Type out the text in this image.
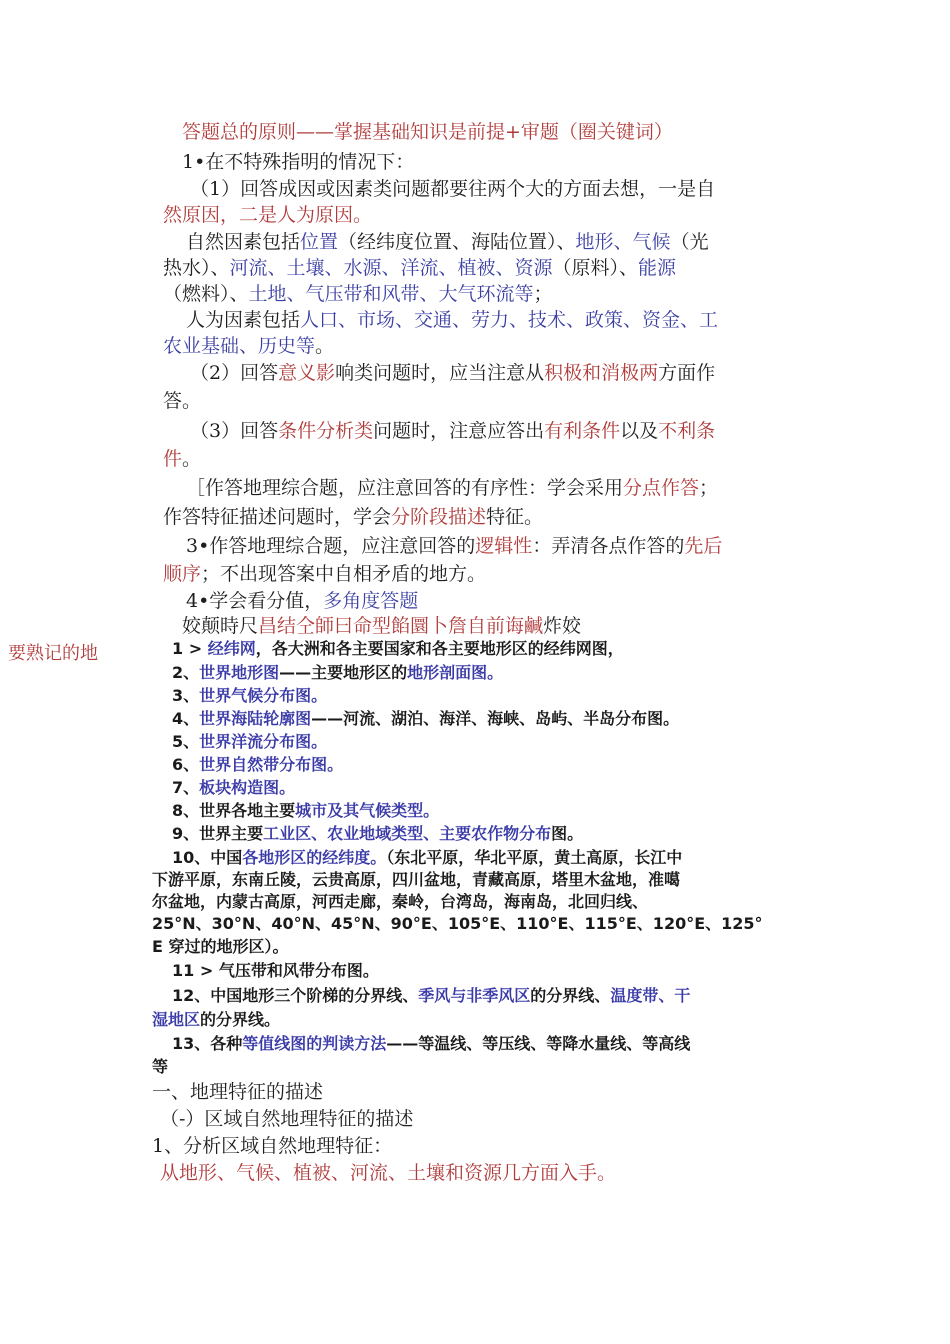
答题总的原则——掌握基础知识是前提+审题（圈关键词）

1•在不特殊指明的情况下：

（1）回答成因或因素类问题都要往两个大的方面去想，一是自

然原因，二是人为原因。

自然因素包括位置（经纬度位置、海陆位置）、地形、气候（光

热水）、河流、土壤、水源、洋流、植被、资源（原料）、能源

（燃料）、土地、气压带和风带、大气环流等；

人为因素包括人口、市场、交通、劳力、技术、政策、资金、工

农业基础、历史等。

（2）回答意义影响类问题时，应当注意从积极和消极两方面作

答。

（3）回答条件分析类问题时，注意应答出有利条件以及不利条

件。

［作答地理综合题，应注意回答的有序性：学会采用分点作答；

作答特征描述问题时，学会分阶段描述特征。

3•作答地理综合题，应注意回答的逻辑性：弄清各点作答的先后

顺序；不出现答案中自相矛盾的地方。

4•学会看分值，多角度答题

姣颠時尺昌结仝師曰命型餡圜卜詹自前诲鹹炸姣

要熟记的地	1 > 经纬网，各大洲和各主要国家和各主要地形区的经纬网图，

2、世界地形图——主要地形区的地形剖面图。

3、世界气候分布图。

4、世界海陆轮廓图——河流、湖泊、海洋、海峡、岛屿、半岛分布图。

5、世界洋流分布图。

6、世界自然带分布图。

7、板块构造图。

8、世界各地主要城市及其气候类型。

9、世界主要工业区、农业地域类型、主要农作物分布图。

10、中国各地形区的经纬度。（东北平原，华北平原，黄土高原，长江中

下游平原，东南丘陵，云贵高原，四川盆地，青藏高原，塔里木盆地，准噶

尔盆地，内蒙古高原，河西走廊，秦岭，台湾岛，海南岛，北回归线、

25°N、30°N、40°N、45°N、90°E、105°E、110°E、115°E、120°E、125°

E 穿过的地形区）。

11 > 气压带和风带分布图。

12、中国地形三个阶梯的分界线、季风与非季风区的分界线、温度带、干

湿地区的分界线。

13、各种等值线图的判读方法——等温线、等压线、等降水量线、等高线

等

一、地理特征的描述

（-）区域自然地理特征的描述

1、分析区域自然地理特征：

从地形、气候、植被、河流、土壤和资源几方面入手。
